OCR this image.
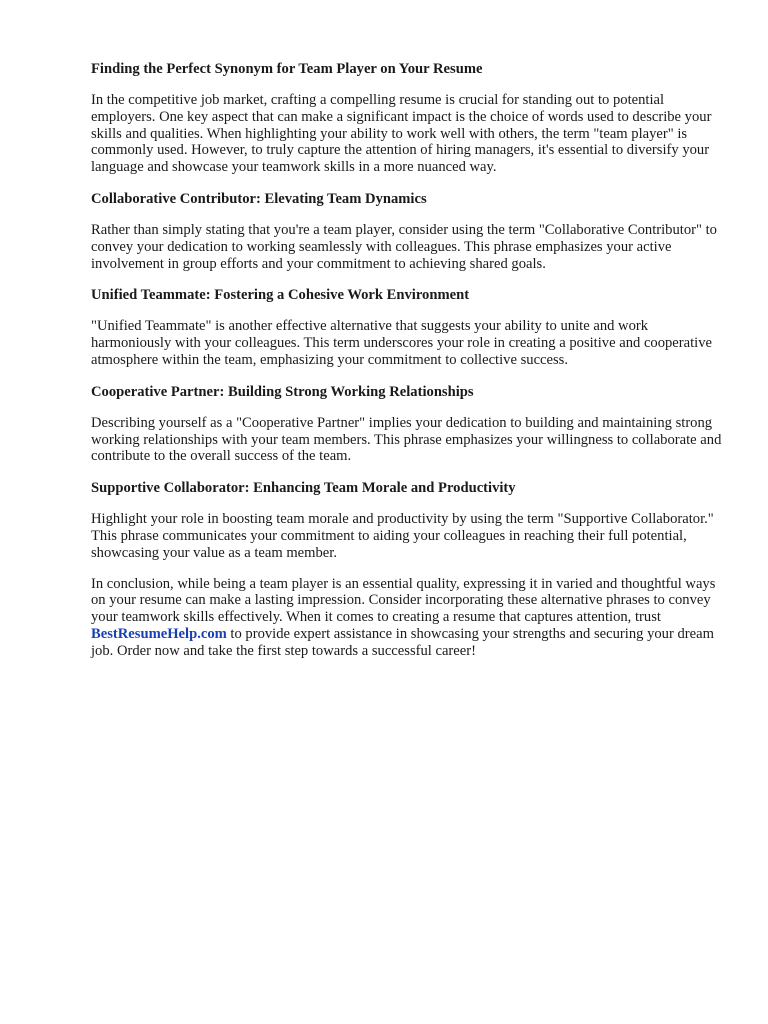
Finding the Perfect Synonym for Team Player on Your Resume

In the competitive job market, crafting a compelling resume is crucial for standing out to potential employers. One key aspect that can make a significant impact is the choice of words used to describe your skills and qualities. When highlighting your ability to work well with others, the term "team player" is commonly used. However, to truly capture the attention of hiring managers, it's essential to diversify your language and showcase your teamwork skills in a more nuanced way.

Collaborative Contributor: Elevating Team Dynamics

Rather than simply stating that you're a team player, consider using the term "Collaborative Contributor" to convey your dedication to working seamlessly with colleagues. This phrase emphasizes your active involvement in group efforts and your commitment to achieving shared goals.

Unified Teammate: Fostering a Cohesive Work Environment

"Unified Teammate" is another effective alternative that suggests your ability to unite and work harmoniously with your colleagues. This term underscores your role in creating a positive and cooperative atmosphere within the team, emphasizing your commitment to collective success.

Cooperative Partner: Building Strong Working Relationships

Describing yourself as a "Cooperative Partner" implies your dedication to building and maintaining strong working relationships with your team members. This phrase emphasizes your willingness to collaborate and contribute to the overall success of the team.

Supportive Collaborator: Enhancing Team Morale and Productivity

Highlight your role in boosting team morale and productivity by using the term "Supportive Collaborator." This phrase communicates your commitment to aiding your colleagues in reaching their full potential, showcasing your value as a team member.

In conclusion, while being a team player is an essential quality, expressing it in varied and thoughtful ways on your resume can make a lasting impression. Consider incorporating these alternative phrases to convey your teamwork skills effectively. When it comes to creating a resume that captures attention, trust BestResumeHelp.com to provide expert assistance in showcasing your strengths and securing your dream job. Order now and take the first step towards a successful career!
